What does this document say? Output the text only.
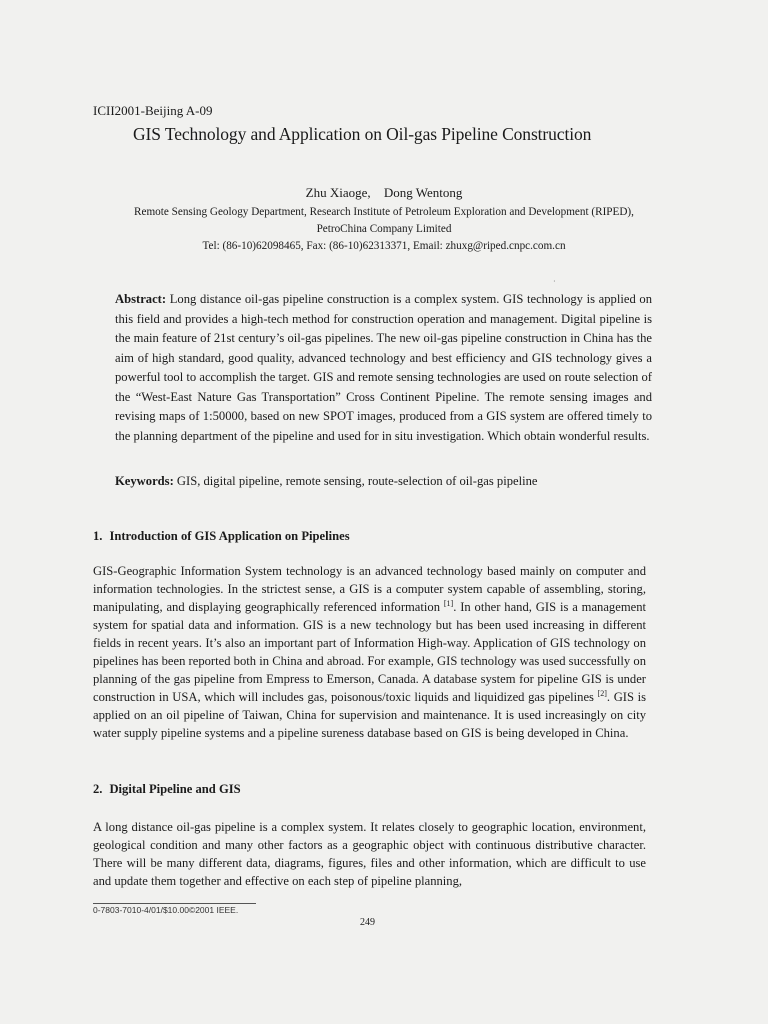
ICII2001-Beijing A-09
GIS Technology and Application on Oil-gas Pipeline Construction
Zhu Xiaoge, Dong Wentong
Remote Sensing Geology Department, Research Institute of Petroleum Exploration and Development (RIPED),
PetroChina Company Limited
Tel: (86-10)62098465, Fax: (86-10)62313371, Email: zhuxg@riped.cnpc.com.cn
⸒

Abstract: Long distance oil-gas pipeline construction is a complex system. GIS technology is applied on this field and provides a high-tech method for construction operation and management. Digital pipeline is the main feature of 21st century’s oil-gas pipelines. The new oil-gas pipeline construction in China has the aim of high standard, good quality, advanced technology and best efficiency and GIS technology gives a powerful tool to accomplish the target. GIS and remote sensing technologies are used on route selection of the “West-East Nature Gas Transportation” Cross Continent Pipeline. The remote sensing images and revising maps of 1:50000, based on new SPOT images, produced from a GIS system are offered timely to the planning department of the pipeline and used for in situ investigation. Which obtain wonderful results.

Keywords: GIS, digital pipeline, remote sensing, route-selection of oil-gas pipeline
1. Introduction of GIS Application on Pipelines

GIS-Geographic Information System technology is an advanced technology based mainly on computer and information technologies. In the strictest sense, a GIS is a computer system capable of assembling, storing, manipulating, and displaying geographically referenced information [1]. In other hand, GIS is a management system for spatial data and information. GIS is a new technology but has been used increasing in different fields in recent years. It’s also an important part of Information High-way. Application of GIS technology on pipelines has been reported both in China and abroad. For example, GIS technology was used successfully on planning of the gas pipeline from Empress to Emerson, Canada. A database system for pipeline GIS is under construction in USA, which will includes gas, poisonous/toxic liquids and liquidized gas pipelines [2]. GIS is applied on an oil pipeline of Taiwan, China for supervision and maintenance. It is used increasingly on city water supply pipeline systems and a pipeline sureness database based on GIS is being developed in China.

2. Digital Pipeline and GIS

A long distance oil-gas pipeline is a complex system. It relates closely to geographic location, environment, geological condition and many other factors as a geographic object with continuous distributive character. There will be many different data, diagrams, figures, files and other information, which are difficult to use and update them together and effective on each step of pipeline planning,

0-7803-7010-4/01/$10.00©2001 IEEE.
249
